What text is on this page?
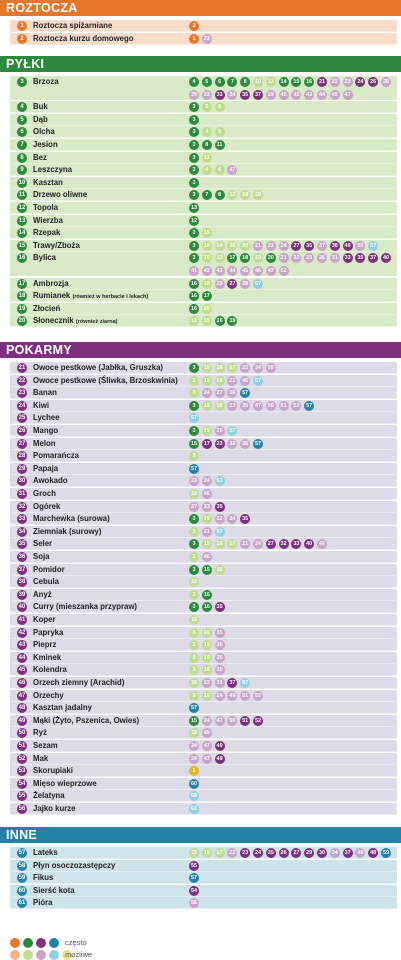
ROZTOCZA
1	Roztocza spiżarniane	2
2	Roztocza kurzu domowego	1	23
PYŁKI
3	Brzoza	4	5	6	7	8	10	13	14	15	16	21	22	23	24	26	28
29	32	33	34	35	37	39	40	42	43	44	45	47
4	Buk	3	5	6
5	Dąb	3
6	Olcha	3	4	5
7	Jesion	3	8	11
8	Bez	3	11
9	Leszczyna	3	4	6	47
10 Kasztan	3
11 Drzewo oliwne	3	7	8	12	18	20
12 Topola	13
13 Wierzba	12
14 Rzepak	3	15
15 Trawy/Zboża	3	10	14	16	20	21	22	24	27	35	37	38	49	50	57
16 Bylica	3	10	13	17	18	19	20	21	22	23	26	31	33	35	37	40
41	42	43	44	45	46	47	52
17 Ambrozja	16	18	23	27	28	57
18 Rumianek (również w herbacie i lekach)	16	17
19 Złocień	16	20
20 Słonecznik (również ziarna)	11	15	16	19
POKARMY
21 Owoce pestkowe (Jabłka, Gruszka)	3	15	16	17	22	34	35
22 Owoce pestkowe (Śliwka, Brzoskwinia)	3	15	16	21	46	57
23 Banan	3	24	27	36	57
24 Kiwi	3	15	16	23	35	47	50	51	52	57
25 Lychee	57
26 Mango	3	16	35	57
27 Melon	15	17	23	32	35	57
28 Pomarańcza	3
29 Papaja	57
30 Awokado	23	24	57
31 Groch	16	46
32 Ogórek	27	33	35
33 Marchewka (surowa)	3	16	32	34	35
34 Ziemniak (surowy)	3	21	57
35 Seler	3	15	16	17	21	24	27	32	33	40	42
36 Soja	3	46
37 Pomidor	3	15	16
38 Cebula	15
39 Anyż	3	16
40 Curry (mieszanka przypraw)	3	16	35
41 Koper	16
42 Papryka	3	16	35
43 Pieprz	3	16	35
44 Kminek	3	16	35
45 Kolendra	3	16	35
46 Orzech ziemny (Arachid)	16	22	31	37	57
47 Orzechy	3	16	24	49	51	52
48 Kasztan jadalny	57
49 Mąki (Żyto, Pszenica, Owies)	15	24	47	50	51	52
50 Ryż	15	49
51 Sezam	24	47	49
52 Mak	24	47	49
53 Skorupiaki	1
54 Mięso wieprzowe	60
55 Żelatyna	58
56 Jajko kurze	61
INNE
57 Lateks	15	16	17	22	23	24	25	26	27	29	30	34	37	46	48	59
58 Płyn osoczozastępczy	55
59 Fikus	57
60 Sierść kota	54
61 Pióra	56
często
możliwe
